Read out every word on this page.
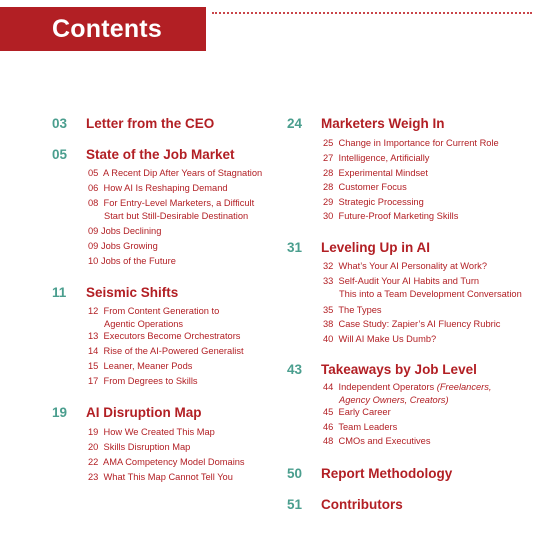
Contents
03	Letter from the CEO
05	State of the Job Market
05 A Recent Dip After Years of Stagnation
06 How AI Is Reshaping Demand
08 For Entry-Level Marketers, a Difficult
Start but Still-Desirable Destination
09 Jobs Declining
09 Jobs Growing
10 Jobs of the Future
11	Seismic Shifts
12 From Content Generation to
Agentic Operations
13 Executors Become Orchestrators
14 Rise of the AI-Powered Generalist
15 Leaner, Meaner Pods
17 From Degrees to Skills
19	AI Disruption Map
19 How We Created This Map
20 Skills Disruption Map
22 AMA Competency Model Domains
23 What This Map Cannot Tell You
24	Marketers Weigh In
25 Change in Importance for Current Role
27 Intelligence, Artificially
28 Experimental Mindset
28 Customer Focus
29 Strategic Processing
30 Future-Proof Marketing Skills
31	Leveling Up in AI
32 What’s Your AI Personality at Work?
33 Self-Audit Your AI Habits and Turn
This into a Team Development Conversation
35 The Types
38 Case Study: Zapier’s AI Fluency Rubric
40 Will AI Make Us Dumb?
43	Takeaways by Job Level
44 Independent Operators (Freelancers,
Agency Owners, Creators)
45 Early Career
46 Team Leaders
48 CMOs and Executives
50	Report Methodology
51	Contributors
